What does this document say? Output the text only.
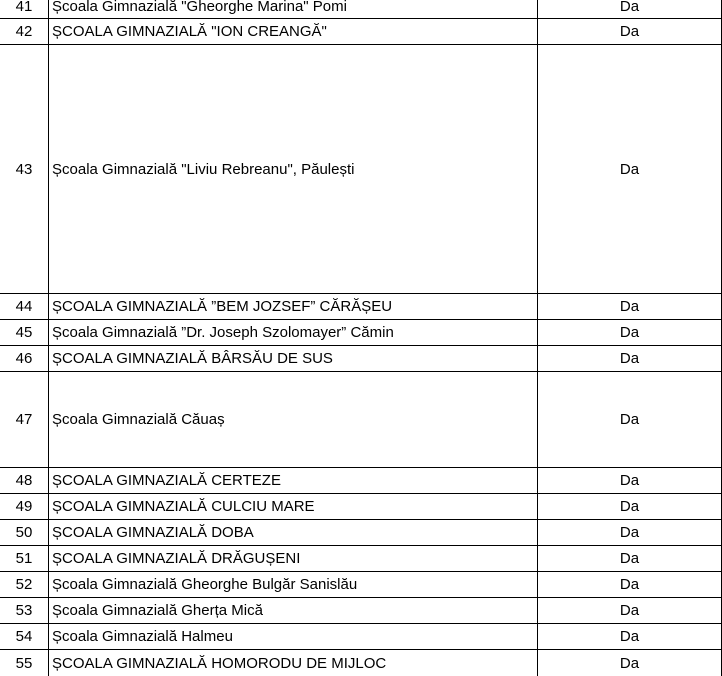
41	Școala Gimnazială "Gheorghe Marina" Pomi	Da
42	ȘCOALA GIMNAZIALĂ "ION CREANGĂ"	Da
43	Școala Gimnazială "Liviu Rebreanu", Păulești	Da
44	ȘCOALA GIMNAZIALĂ ”BEM JOZSEF” CĂRĂȘEU	Da
45	Școala Gimnazială ”Dr. Joseph Szolomayer” Cămin	Da
46	ȘCOALA GIMNAZIALĂ BÂRSĂU DE SUS	Da
47	Școala Gimnazială Căuaș	Da
48	ȘCOALA GIMNAZIALĂ CERTEZE	Da
49	ȘCOALA GIMNAZIALĂ CULCIU MARE	Da
50	ȘCOALA GIMNAZIALĂ DOBA	Da
51	ȘCOALA GIMNAZIALĂ DRĂGUȘENI	Da
52	Școala Gimnazială Gheorghe Bulgăr Sanislău	Da
53	Școala Gimnazială Gherța Mică	Da
54	Școala Gimnazială Halmeu	Da
55	ȘCOALA GIMNAZIALĂ HOMORODU DE MIJLOC	Da
